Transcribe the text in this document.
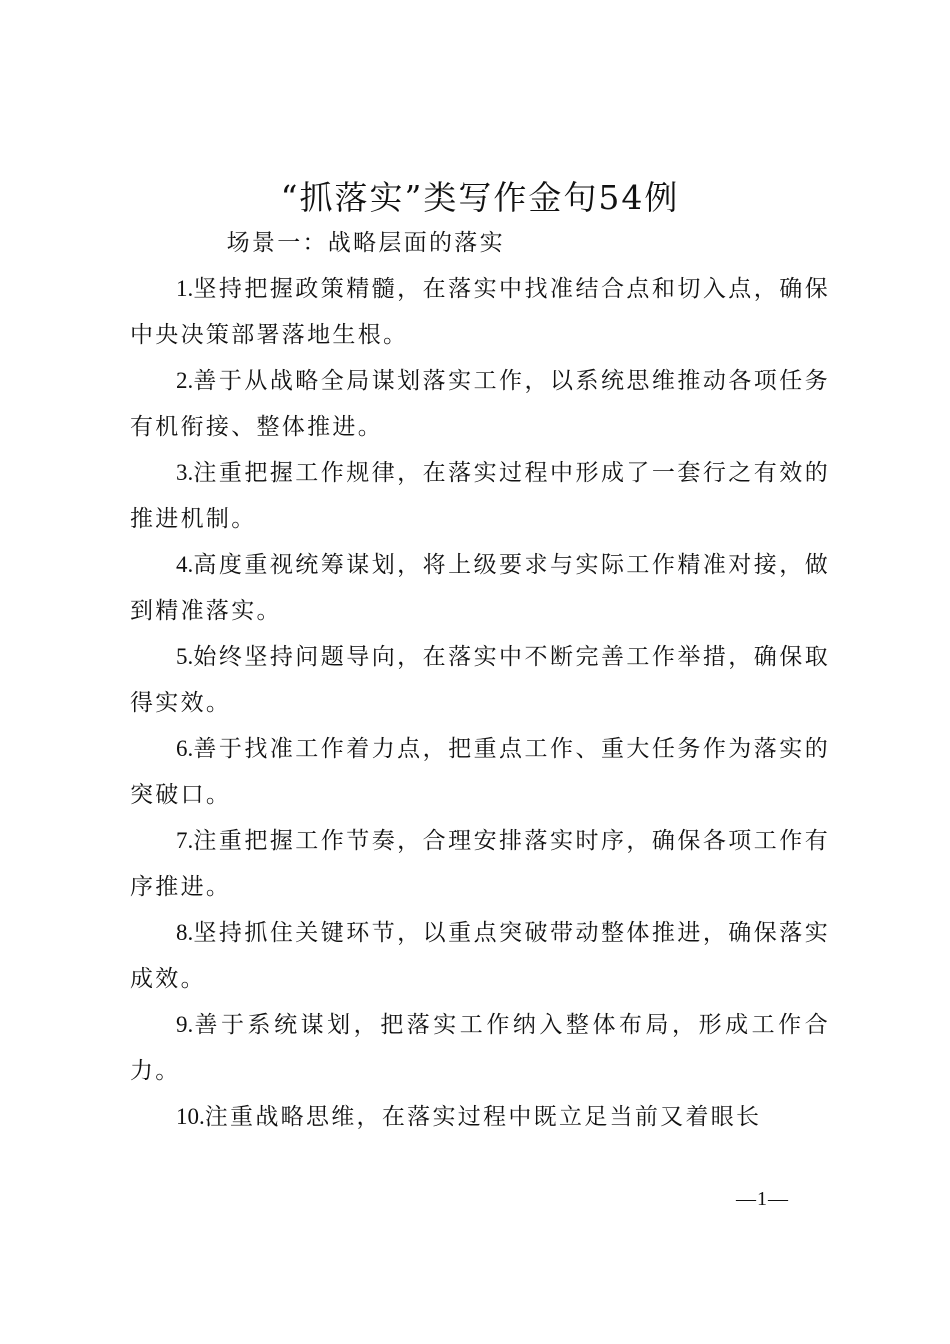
“抓落实”类写作金句54例

场景一：战略层面的落实

1.坚持把握政策精髓，在落实中找准结合点和切入点，确保中央决策部署落地生根。

2.善于从战略全局谋划落实工作，以系统思维推动各项任务有机衔接、整体推进。

3.注重把握工作规律，在落实过程中形成了一套行之有效的推进机制。

4.高度重视统筹谋划，将上级要求与实际工作精准对接，做到精准落实。

5.始终坚持问题导向，在落实中不断完善工作举措，确保取得实效。

6.善于找准工作着力点，把重点工作、重大任务作为落实的突破口。

7.注重把握工作节奏，合理安排落实时序，确保各项工作有序推进。

8.坚持抓住关键环节，以重点突破带动整体推进，确保落实成效。

9.善于系统谋划，把落实工作纳入整体布局，形成工作合力。

10.注重战略思维，在落实过程中既立足当前又着眼长

—1—
